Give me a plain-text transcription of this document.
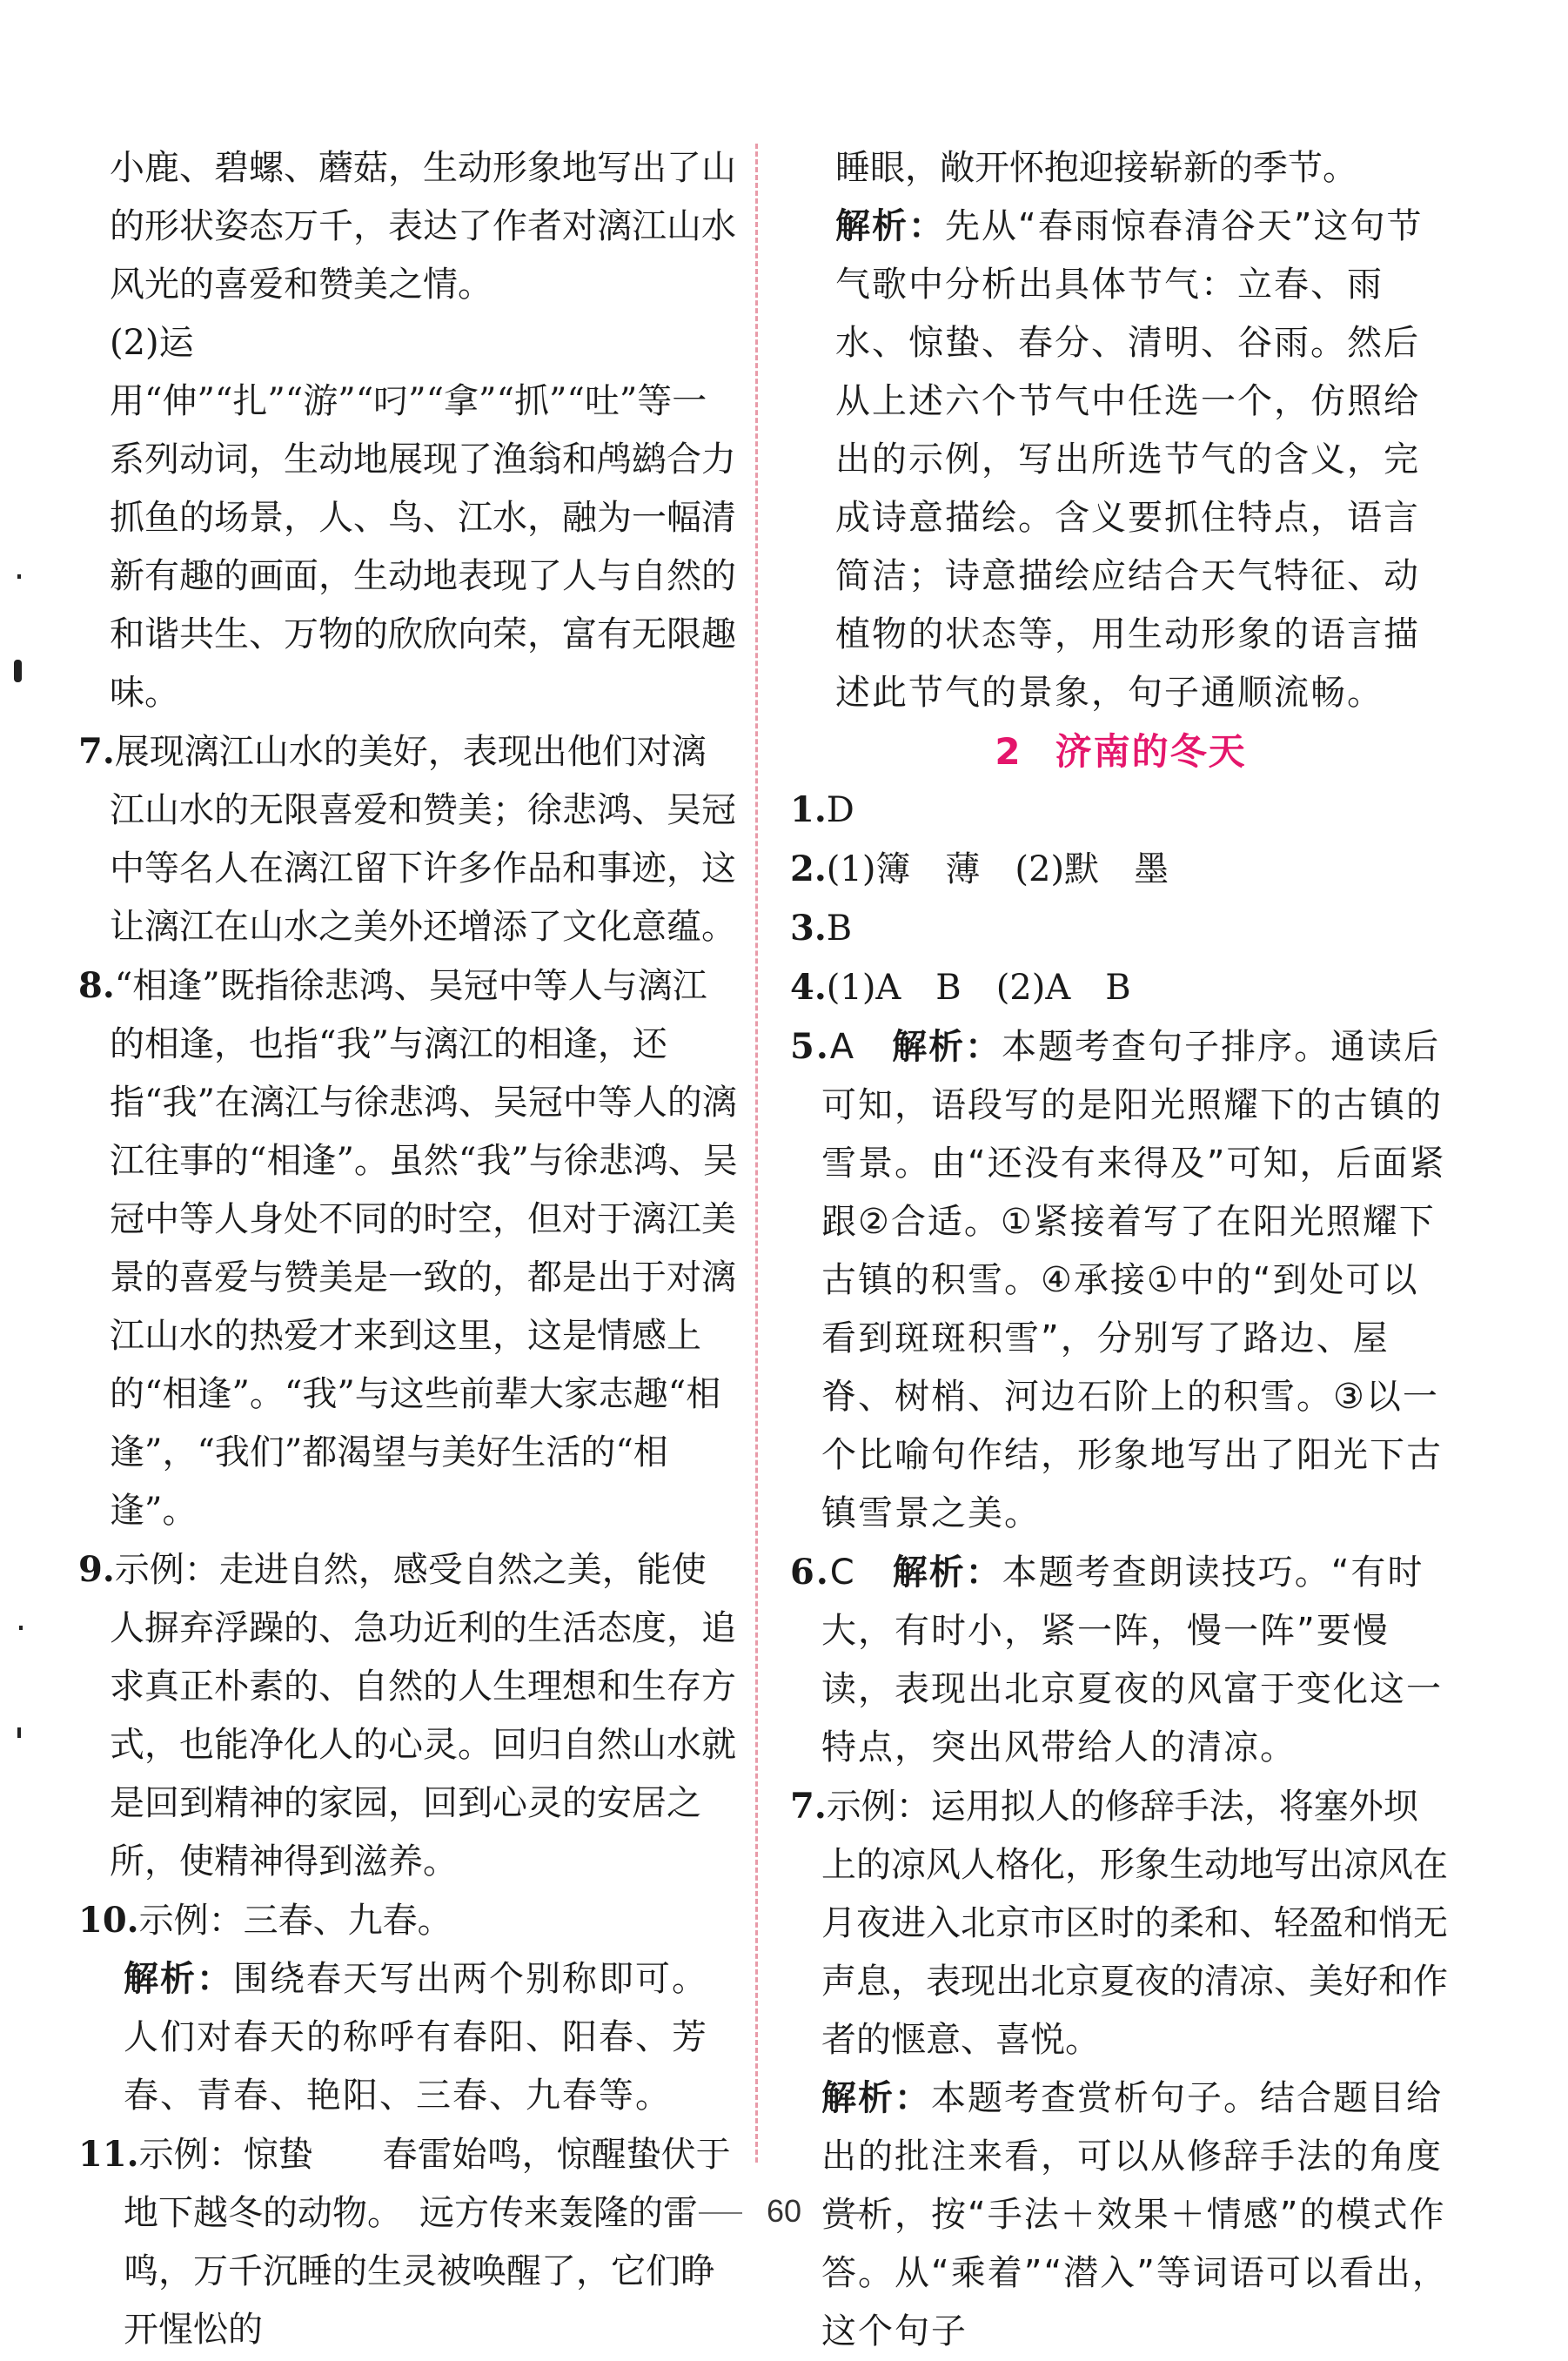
小鹿、碧螺、蘑菇，生动形象地写出了山的形状姿态万千，表达了作者对漓江山水风光的喜爱和赞美之情。

(2)运用“伸”“扎”“游”“叼”“拿”“抓”“吐”等一系列动词，生动地展现了渔翁和鸬鹚合力抓鱼的场景，人、鸟、江水，融为一幅清新有趣的画面，生动地表现了人与自然的和谐共生、万物的欣欣向荣，富有无限趣味。

7.展现漓江山水的美好，表现出他们对漓江山水的无限喜爱和赞美；徐悲鸿、吴冠中等名人在漓江留下许多作品和事迹，这让漓江在山水之美外还增添了文化意蕴。

8.“相逢”既指徐悲鸿、吴冠中等人与漓江的相逢，也指“我”与漓江的相逢，还指“我”在漓江与徐悲鸿、吴冠中等人的漓江往事的“相逢”。虽然“我”与徐悲鸿、吴冠中等人身处不同的时空，但对于漓江美景的喜爱与赞美是一致的，都是出于对漓江山水的热爱才来到这里，这是情感上的“相逢”。“我”与这些前辈大家志趣“相逢”，“我们”都渴望与美好生活的“相逢”。

9.示例：走进自然，感受自然之美，能使人摒弃浮躁的、急功近利的生活态度，追求真正朴素的、自然的人生理想和生存方式，也能净化人的心灵。回归自然山水就是回到精神的家园，回到心灵的安居之所，使精神得到滋养。

10.示例：三春、九春。

解析：围绕春天写出两个别称即可。人们对春天的称呼有春阳、阳春、芳春、青春、艳阳、三春、九春等。

11.示例：惊蛰　　春雷始鸣，惊醒蛰伏于地下越冬的动物。　远方传来轰隆的雷鸣，万千沉睡的生灵被唤醒了，它们睁开惺忪的

睡眼，敞开怀抱迎接崭新的季节。

解析：先从“春雨惊春清谷天”这句节气歌中分析出具体节气：立春、雨水、惊蛰、春分、清明、谷雨。然后从上述六个节气中任选一个，仿照给出的示例，写出所选节气的含义，完成诗意描绘。含义要抓住特点，语言简洁；诗意描绘应结合天气特征、动植物的状态等，用生动形象的语言描述此节气的景象，句子通顺流畅。

2 济南的冬天

1.D

2.(1)簿　薄　(2)默　墨

3.B

4.(1)A　B　(2)A　B

5.A　 解析：本题考查句子排序。通读后可知，语段写的是阳光照耀下的古镇的雪景。由“还没有来得及”可知，后面紧跟②合适。①紧接着写了在阳光照耀下古镇的积雪。④承接①中的“到处可以看到斑斑积雪”，分别写了路边、屋脊、树梢、河边石阶上的积雪。③以一个比喻句作结，形象地写出了阳光下古镇雪景之美。

6.C　 解析：本题考查朗读技巧。“有时大，有时小，紧一阵，慢一阵”要慢读，表现出北京夏夜的风富于变化这一特点，突出风带给人的清凉。

7.示例：运用拟人的修辞手法，将塞外坝上的凉风人格化，形象生动地写出凉风在月夜进入北京市区时的柔和、轻盈和悄无声息，表现出北京夏夜的清凉、美好和作者的惬意、喜悦。

解析：本题考查赏析句子。结合题目给出的批注来看，可以从修辞手法的角度赏析，按“手法＋效果＋情感”的模式作答。从“乘着”“潜入”等词语可以看出，这个句子

60
